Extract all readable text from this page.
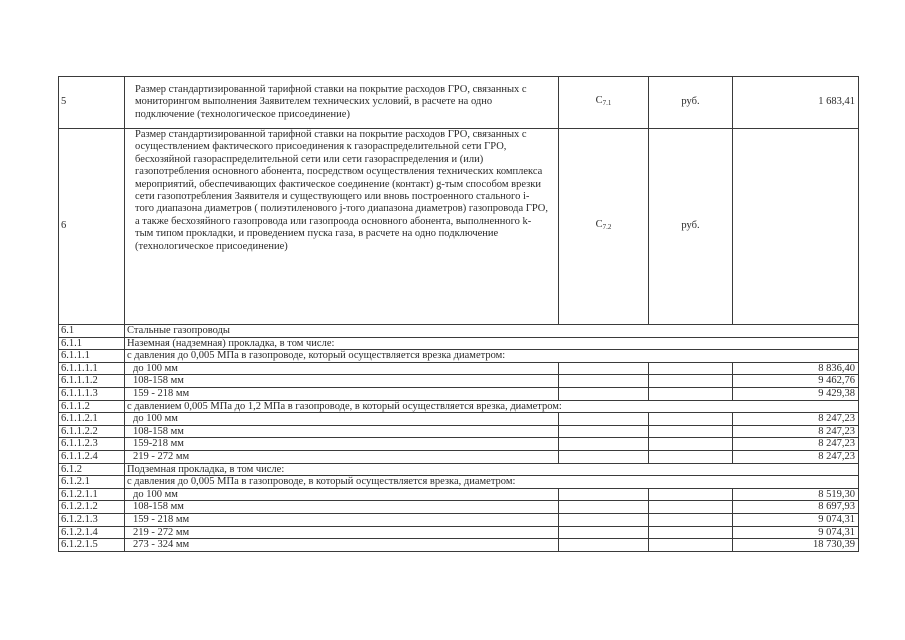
5	Размер стандартизированной тарифной ставки на покрытие расходов ГРО, связанных с мониторингом выполнения Заявителем технических условий, в расчете на одно подключение (технологическое присоединение)	$С_{7.1}$	руб.	1 683,41
6	Размер стандартизированной тарифной ставки на покрытие расходов ГРО, связанных с осуществлением фактического присоединения к газораспределительной сети ГРО, бесхозяйной газораспределительной сети или сети газораспределения и (или) газопотребления основного абонента, посредством осуществления технических комплекса мероприятий, обеспечивающих фактическое соединение (контакт) g-тым способом врезки сети газопотребления Заявителя и существующего или вновь построенного стального i-того диапазона диаметров ( полиэтиленового j-того диапазона диаметров) газопровода ГРО, а также бесхозяйного газопровода или газопроода основного абонента, выполненного k-тым типом прокладки, и проведением пуска газа, в расчете на одно подключение (технологическое присоединение)	$С_{7.2}$	руб.	
6.1	Стальные газопроводы			
6.1.1	Наземная (надземная) прокладка, в том числе:			
6.1.1.1	с давления до 0,005 МПа в газопроводе, который осуществляется врезка диаметром:			
6.1.1.1.1	до 100 мм			8 836,40
6.1.1.1.2	108-158 мм			9 462,76
6.1.1.1.3	159 - 218 мм			9 429,38
6.1.1.2	с давлением 0,005 МПа до 1,2 МПа в газопроводе, в который осуществляется врезка, диаметром:			
6.1.1.2.1	до 100 мм			8 247,23
6.1.1.2.2	108-158 мм			8 247,23
6.1.1.2.3	159-218 мм			8 247,23
6.1.1.2.4	219 - 272 мм			8 247,23
6.1.2	Подземная прокладка, в том числе:			
6.1.2.1	с давления до 0,005 МПа в газопроводе, в который осуществляется врезка, диаметром:			
6.1.2.1.1	до 100 мм			8 519,30
6.1.2.1.2	108-158 мм			8 697,93
6.1.2.1.3	159 - 218 мм			9 074,31
6.1.2.1.4	219 - 272 мм			9 074,31
6.1.2.1.5	273 - 324 мм			18 730,39
